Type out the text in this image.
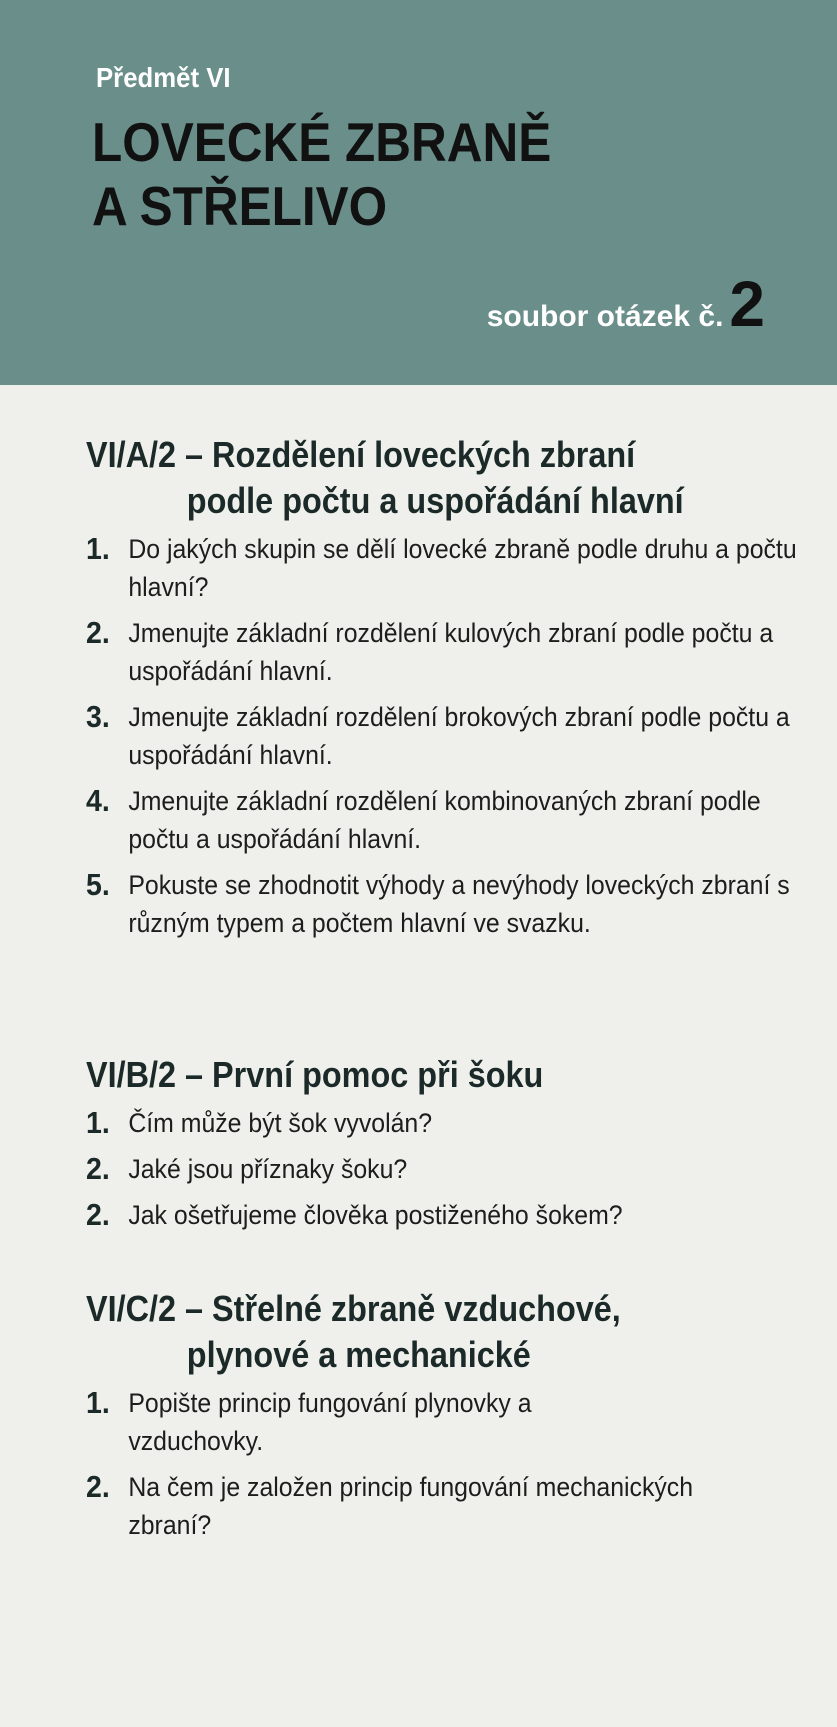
Předmět VI
LOVECKÉ ZBRANĚ
A STŘELIVO
soubor otázek č.2
VI/A/2 – Rozdělení loveckých zbraní
podle počtu a uspořádání hlavní
1. Do jakých skupin se dělí lovecké zbraně podle druhu a počtu hlavní?
2. Jmenujte základní rozdělení kulových zbraní podle počtu a uspořádání hlavní.
3. Jmenujte základní rozdělení brokových zbraní podle počtu a uspořádání hlavní.
4. Jmenujte základní rozdělení kombinovaných zbraní podle počtu a uspořádání hlavní.
5. Pokuste se zhodnotit výhody a nevýhody loveckých zbraní s různým typem a počtem hlavní ve svazku.
VI/B/2 – První pomoc při šoku
1. Čím může být šok vyvolán?
2. Jaké jsou příznaky šoku?
2. Jak ošetřujeme člověka postiženého šokem?
VI/C/2 – Střelné zbraně vzduchové,
plynové a mechanické
1. Popište princip fungování plynovky a vzduchovky.
2. Na čem je založen princip fungování mechanických zbraní?
